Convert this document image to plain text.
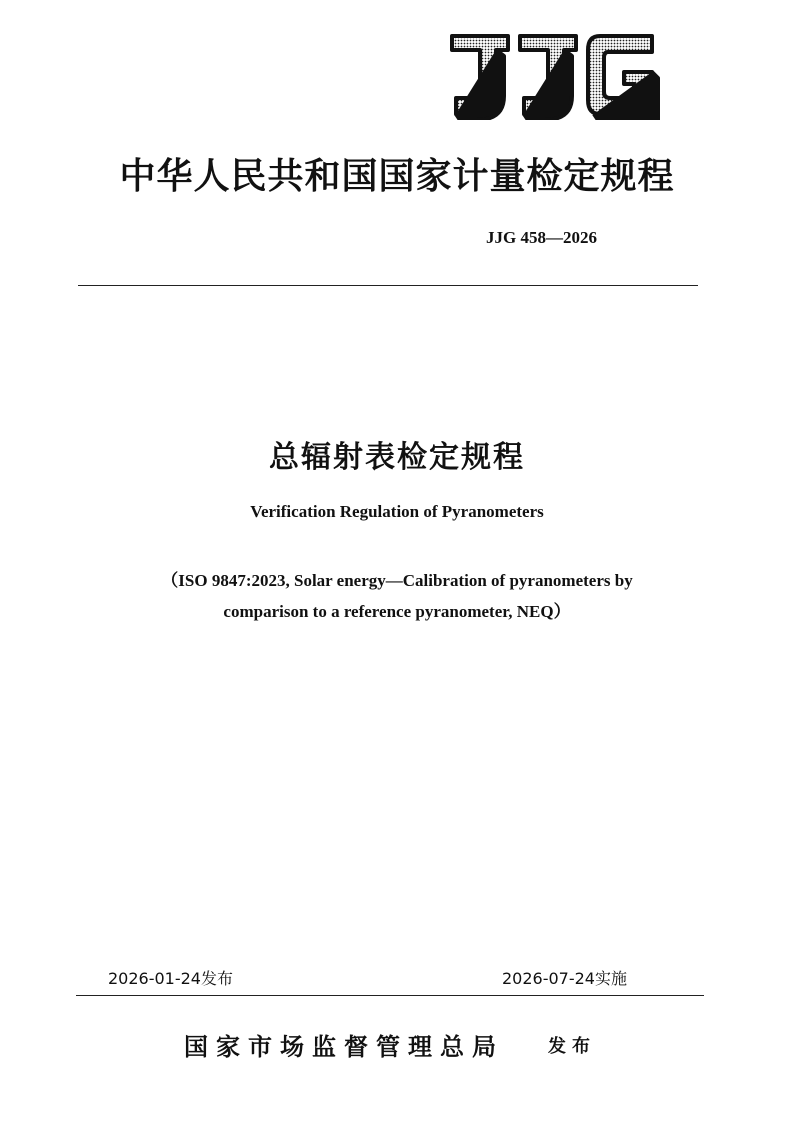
JJG
中华人民共和国国家计量检定规程
JJG 458—2026
总辐射表检定规程
Verification Regulation of Pyranometers
（ISO 9847:2023, Solar energy—Calibration of pyranometers by
comparison to a reference pyranometer, NEQ）
2026-01-24发布	2026-07-24实施
国家市场监督管理总局 发布
